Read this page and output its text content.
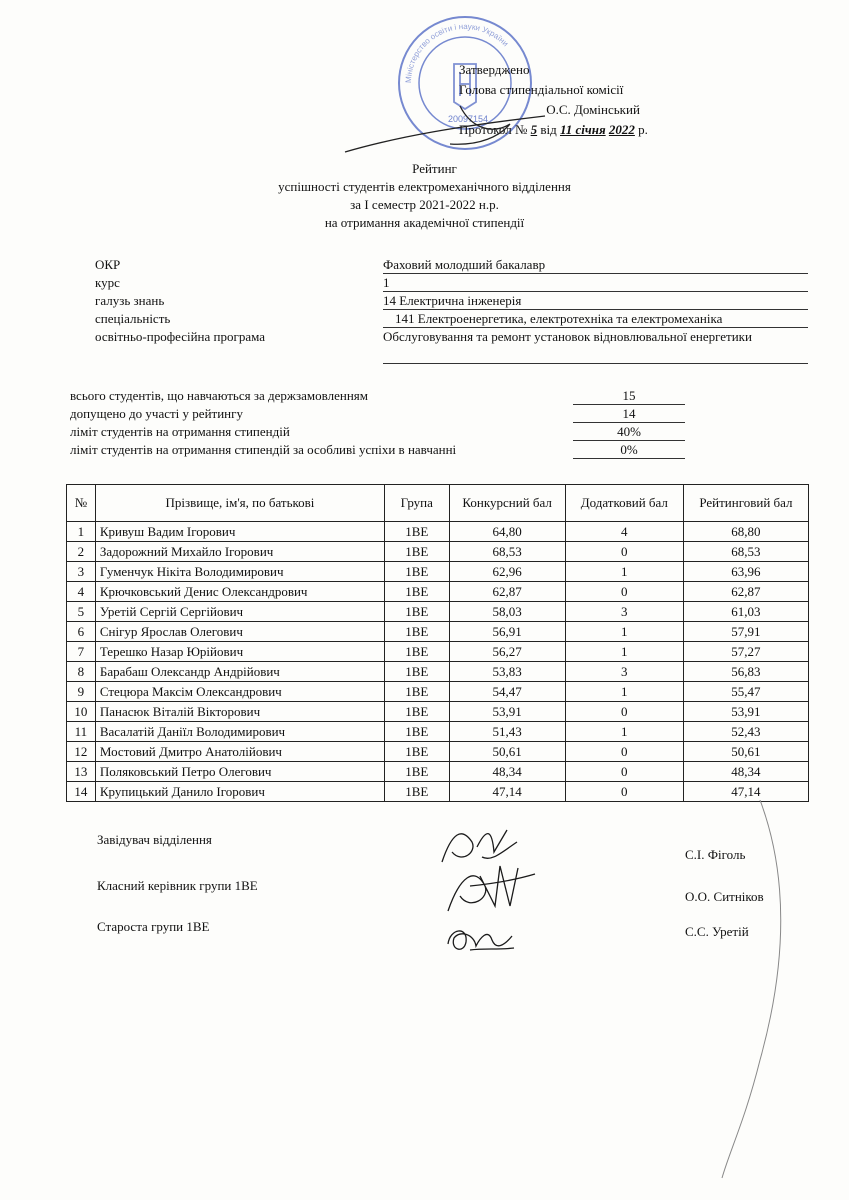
20097154
Міністерство освіти і науки України
Затверджено
Голова стипендіальної комісії
О.С. Домінський
Протокол № 5 від 11 січня 2022 р.
Рейтинг
успішності студентів електромеханічного відділення
за І семестр 2021-2022 н.р.
на отримання академічної стипендії
ОКР	Фаховий молодший бакалавр
курс	1
галузь знань	14 Електрична інженерія
спеціальність	141 Електроенергетика, електротехніка та електромеханіка
освітньо-професійна програма	Обслуговування та ремонт установок відновлювальної енергетики
всього студентів, що навчаються за держзамовленням	15
допущено до участі у рейтингу	14
ліміт студентів на отримання стипендій	40%
ліміт студентів на отримання стипендій за особливі успіхи в навчанні	0%
№	Прізвище, ім'я, по батькові	Група	Конкурсний бал	Додатковий бал	Рейтинговий бал
1	Кривуш Вадим Ігорович	1ВЕ	64,80	4	68,80
2	Задорожний Михайло Ігорович	1ВЕ	68,53	0	68,53
3	Гуменчук Нікіта Володимирович	1ВЕ	62,96	1	63,96
4	Крючковський Денис Олександрович	1ВЕ	62,87	0	62,87
5	Уретій Сергій Сергійович	1ВЕ	58,03	3	61,03
6	Снігур Ярослав Олегович	1ВЕ	56,91	1	57,91
7	Терешко Назар Юрійович	1ВЕ	56,27	1	57,27
8	Барабаш Олександр Андрійович	1ВЕ	53,83	3	56,83
9	Стецюра Максім Олександрович	1ВЕ	54,47	1	55,47
10	Панасюк Віталій Вікторович	1ВЕ	53,91	0	53,91
11	Васалатій Даніїл Володимирович	1ВЕ	51,43	1	52,43
12	Мостовий Дмитро Анатолійович	1ВЕ	50,61	0	50,61
13	Поляковський Петро Олегович	1ВЕ	48,34	0	48,34
14	Крупицький Данило Ігорович	1ВЕ	47,14	0	47,14
Завідувач відділення
С.І. Фіголь
Класний керівник групи 1ВЕ
О.О. Ситніков
Староста групи 1ВЕ	С.С. Уретій
